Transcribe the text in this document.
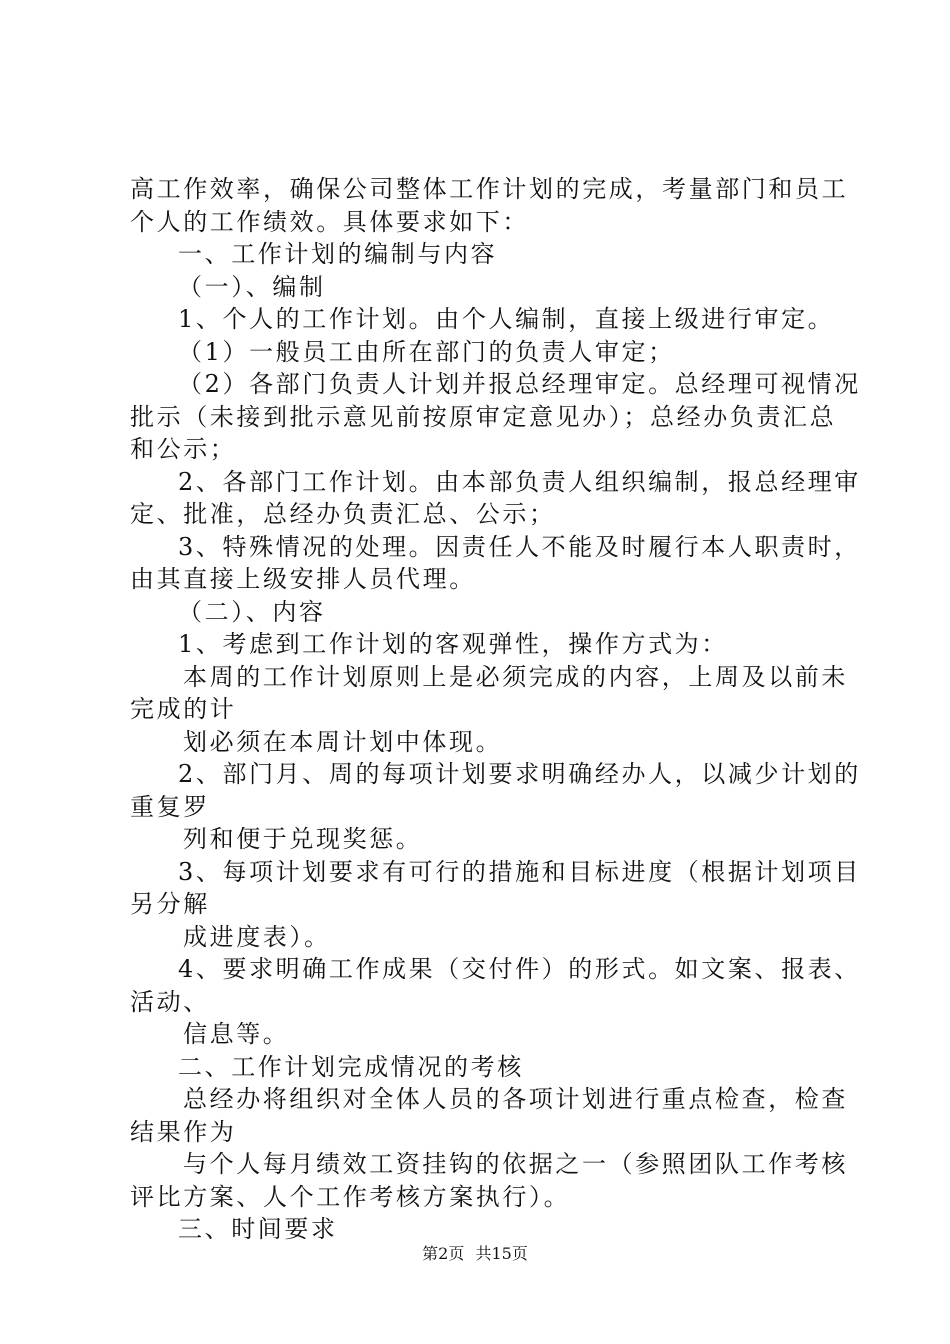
高工作效率，确保公司整体工作计划的完成，考量部门和员工
个人的工作绩效。具体要求如下：
一、工作计划的编制与内容
（一）、编制
1、个人的工作计划。由个人编制，直接上级进行审定。
（1）一般员工由所在部门的负责人审定；
（2）各部门负责人计划并报总经理审定。总经理可视情况
批示（未接到批示意见前按原审定意见办）；总经办负责汇总
和公示；
2、各部门工作计划。由本部负责人组织编制，报总经理审
定、批准，总经办负责汇总、公示；
3、特殊情况的处理。因责任人不能及时履行本人职责时，
由其直接上级安排人员代理。
（二）、内容
1、考虑到工作计划的客观弹性，操作方式为：
本周的工作计划原则上是必须完成的内容，上周及以前未
完成的计
划必须在本周计划中体现。
2、部门月、周的每项计划要求明确经办人，以减少计划的
重复罗
列和便于兑现奖惩。
3、每项计划要求有可行的措施和目标进度（根据计划项目
另分解
成进度表）。
4、要求明确工作成果（交付件）的形式。如文案、报表、
活动、
信息等。
二、工作计划完成情况的考核
总经办将组织对全体人员的各项计划进行重点检查，检查
结果作为
与个人每月绩效工资挂钩的依据之一（参照团队工作考核
评比方案、人个工作考核方案执行）。
三、时间要求
第2页 共15页
